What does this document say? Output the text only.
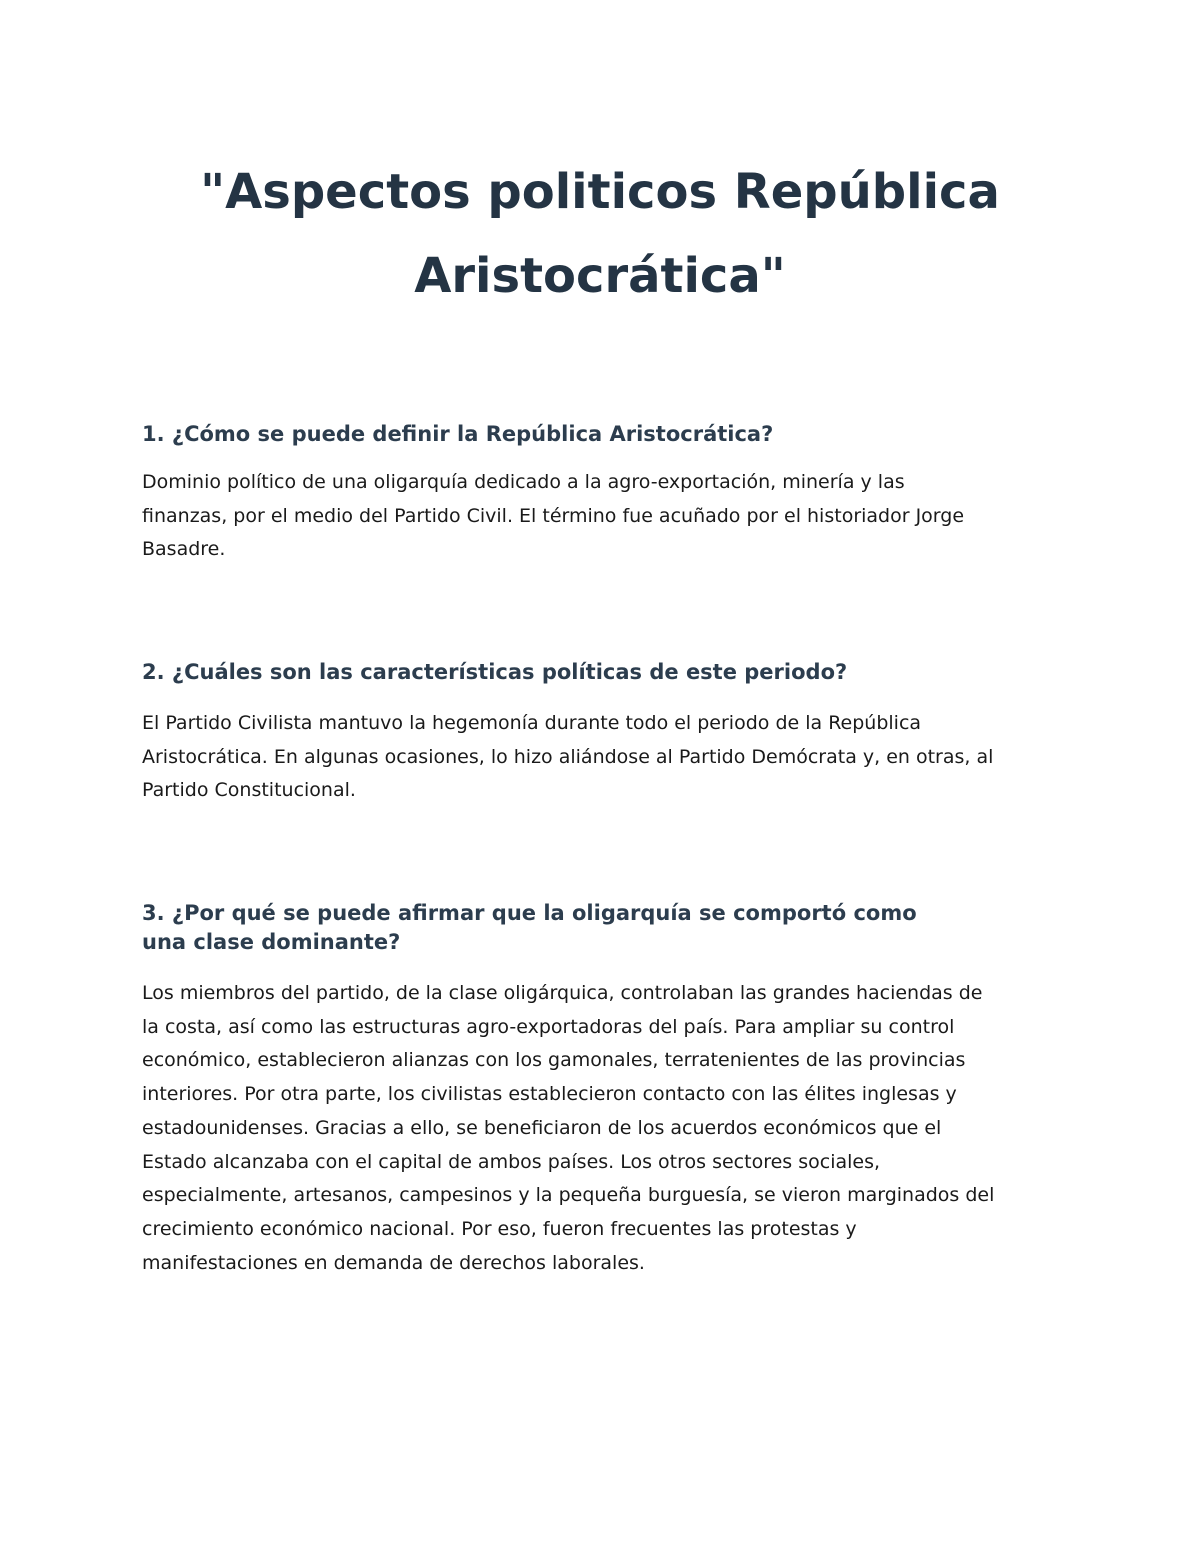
"Aspectos politicos República
Aristocrática"
1. ¿Cómo se puede definir la República Aristocrática?

Dominio político de una oligarquía dedicado a la agro-exportación, minería y las
finanzas, por el medio del Partido Civil. El término fue acuñado por el historiador Jorge
Basadre.

2. ¿Cuáles son las características políticas de este periodo?

El Partido Civilista mantuvo la hegemonía durante todo el periodo de la República
Aristocrática. En algunas ocasiones, lo hizo aliándose al Partido Demócrata y, en otras, al
Partido Constitucional.

3. ¿Por qué se puede afirmar que la oligarquía se comportó como
una clase dominante?

Los miembros del partido, de la clase oligárquica, controlaban las grandes haciendas de
la costa, así como las estructuras agro-exportadoras del país. Para ampliar su control
económico, establecieron alianzas con los gamonales, terratenientes de las provincias
interiores. Por otra parte, los civilistas establecieron contacto con las élites inglesas y
estadounidenses. Gracias a ello, se beneficiaron de los acuerdos económicos que el
Estado alcanzaba con el capital de ambos países. Los otros sectores sociales,
especialmente, artesanos, campesinos y la pequeña burguesía, se vieron marginados del
crecimiento económico nacional. Por eso, fueron frecuentes las protestas y
manifestaciones en demanda de derechos laborales.
